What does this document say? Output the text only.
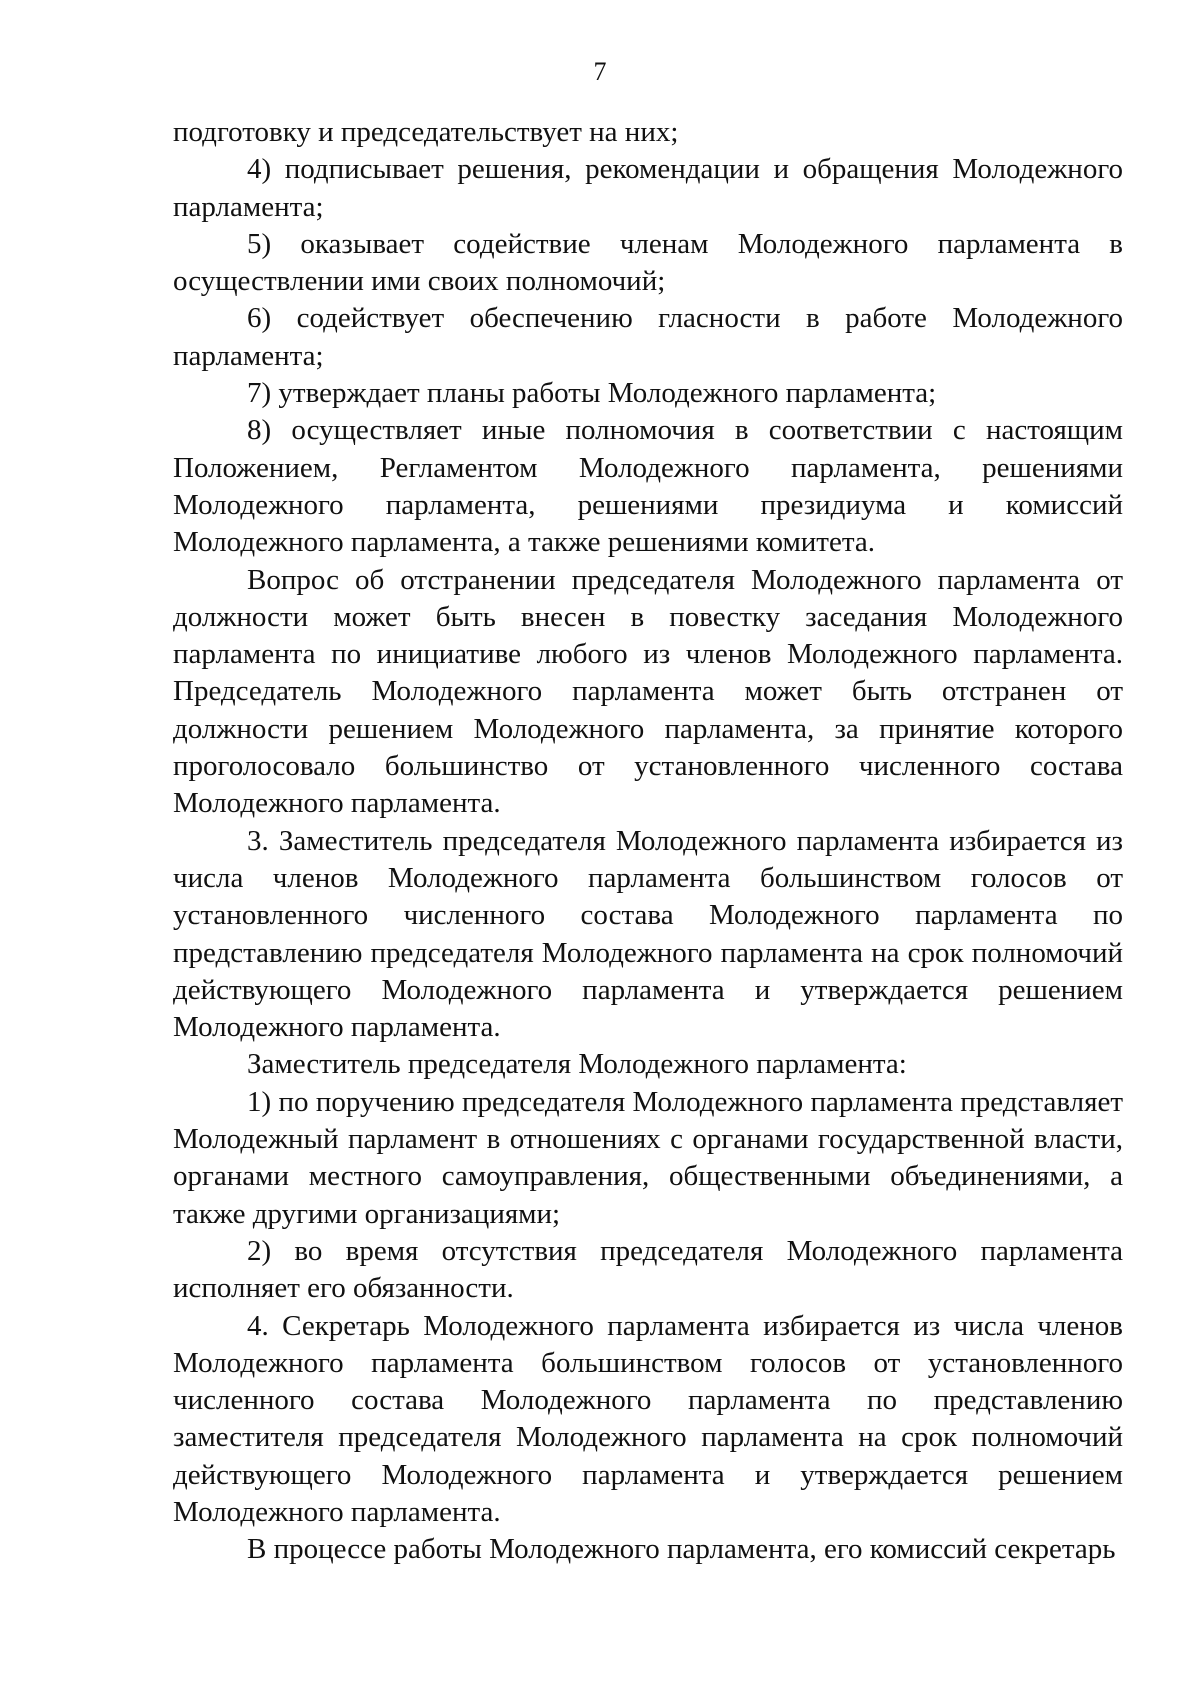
7

подготовку и председательствует на них;

4) подписывает решения, рекомендации и обращения Молодежного парламента;

5) оказывает содействие членам Молодежного парламента в осуществлении ими своих полномочий;

6) содействует обеспечению гласности в работе Молодежного парламента;

7) утверждает планы работы Молодежного парламента;

8) осуществляет иные полномочия в соответствии с настоящим Положением, Регламентом Молодежного парламента, решениями Молодежного парламента, решениями президиума и комиссий Молодежного парламента, а также решениями комитета.

Вопрос об отстранении председателя Молодежного парламента от должности может быть внесен в повестку заседания Молодежного парламента по инициативе любого из членов Молодежного парламента. Председатель Молодежного парламента может быть отстранен от должности решением Молодежного парламента, за принятие которого проголосовало большинство от установленного численного состава Молодежного парламента.

3. Заместитель председателя Молодежного парламента избирается из числа членов Молодежного парламента большинством голосов от установленного численного состава Молодежного парламента по представлению председателя Молодежного парламента на срок полномочий действующего Молодежного парламента и утверждается решением Молодежного парламента.

Заместитель председателя Молодежного парламента:

1) по поручению председателя Молодежного парламента представляет Молодежный парламент в отношениях с органами государственной власти, органами местного самоуправления, общественными объединениями, а также другими организациями;

2) во время отсутствия председателя Молодежного парламента исполняет его обязанности.

4. Секретарь Молодежного парламента избирается из числа членов Молодежного парламента большинством голосов от установленного численного состава Молодежного парламента по представлению заместителя председателя Молодежного парламента на срок полномочий действующего Молодежного парламента и утверждается решением Молодежного парламента.

В процессе работы Молодежного парламента, его комиссий секретарь
